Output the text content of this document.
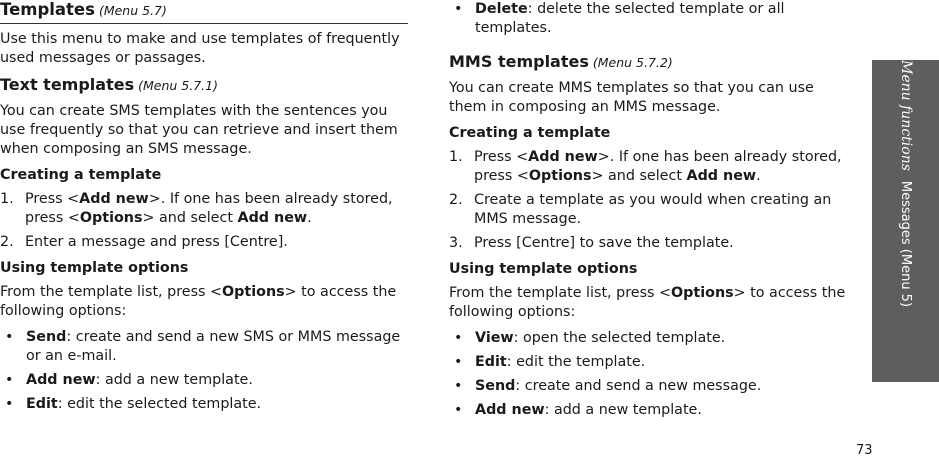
Templates (Menu 5.7)

Use this menu to make and use templates of frequently used messages or passages.

Text templates (Menu 5.7.1)

You can create SMS templates with the sentences you use frequently so that you can retrieve and insert them when composing an SMS message.

Creating a template
1. Press <Add new>. If one has been already stored, press <Options> and select Add new.
2. Enter a message and press [Centre].
Using template options

From the template list, press <Options> to access the following options:

• Send: create and send a new SMS or MMS message or an e-mail.
• Add new: add a new template.
• Edit: edit the selected template.
• Delete: delete the selected template or all templates.
MMS templates (Menu 5.7.2)

You can create MMS templates so that you can use them in composing an MMS message.

Creating a template
1. Press <Add new>. If one has been already stored, press <Options> and select Add new.
2. Create a template as you would when creating an MMS message.
3. Press [Centre] to save the template.
Using template options

From the template list, press <Options> to access the following options:

• View: open the selected template.
• Edit: edit the template.
• Send: create and send a new message.
• Add new: add a new template.
Menu functionsMessages (Menu 5)
73
